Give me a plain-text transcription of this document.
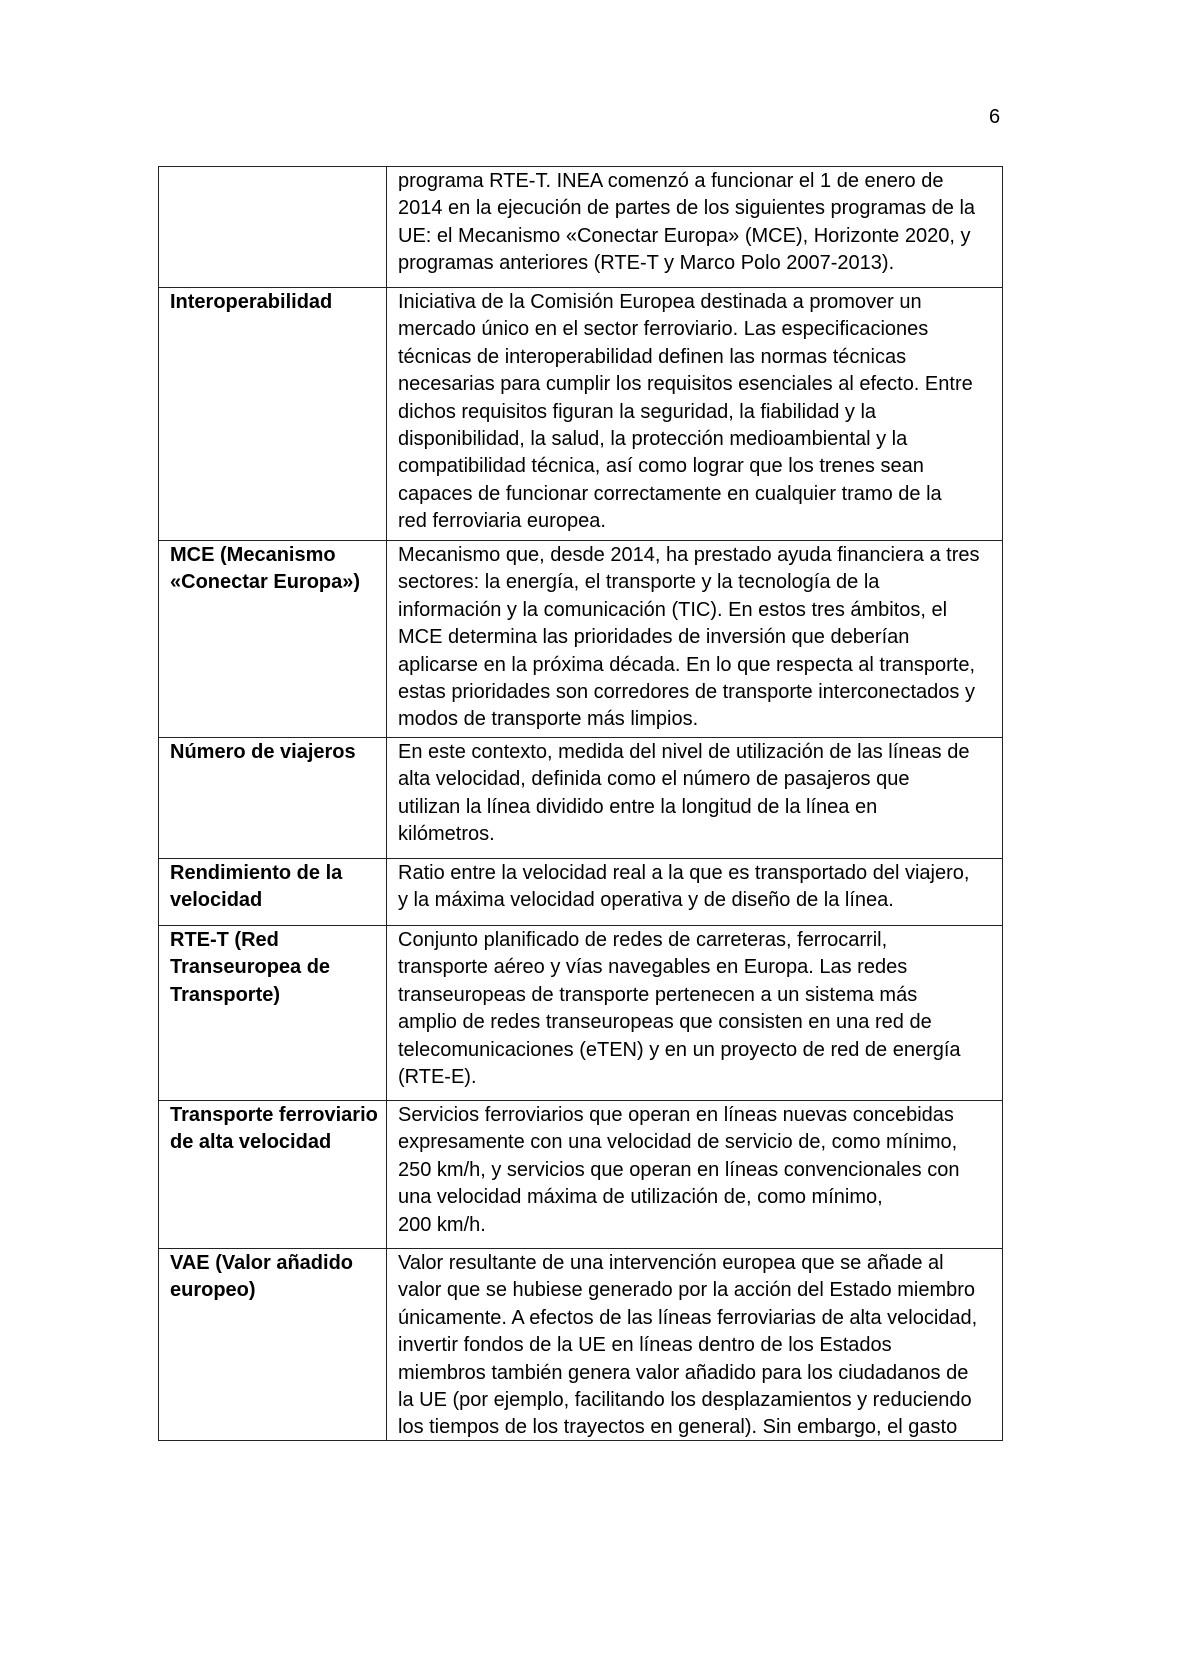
6
programa RTE-T. INEA comenzó a funcionar el 1 de enero de
2014 en la ejecución de partes de los siguientes programas de la
UE: el Mecanismo «Conectar Europa» (MCE), Horizonte 2020, y
programas anteriores (RTE-T y Marco Polo 2007-2013).
Interoperabilidad	Iniciativa de la Comisión Europea destinada a promover un
mercado único en el sector ferroviario. Las especificaciones
técnicas de interoperabilidad definen las normas técnicas
necesarias para cumplir los requisitos esenciales al efecto. Entre
dichos requisitos figuran la seguridad, la fiabilidad y la
disponibilidad, la salud, la protección medioambiental y la
compatibilidad técnica, así como lograr que los trenes sean
capaces de funcionar correctamente en cualquier tramo de la
red ferroviaria europea.
MCE (Mecanismo
«Conectar Europa»)
Mecanismo que, desde 2014, ha prestado ayuda financiera a tres
sectores: la energía, el transporte y la tecnología de la
información y la comunicación (TIC). En estos tres ámbitos, el
MCE determina las prioridades de inversión que deberían
aplicarse en la próxima década. En lo que respecta al transporte,
estas prioridades son corredores de transporte interconectados y
modos de transporte más limpios.
Número de viajeros	En este contexto, medida del nivel de utilización de las líneas de
alta velocidad, definida como el número de pasajeros que
utilizan la línea dividido entre la longitud de la línea en
kilómetros.
Rendimiento de la
velocidad
Ratio entre la velocidad real a la que es transportado del viajero,
y la máxima velocidad operativa y de diseño de la línea.
RTE-T (Red
Transeuropea de
Transporte)
Conjunto planificado de redes de carreteras, ferrocarril,
transporte aéreo y vías navegables en Europa. Las redes
transeuropeas de transporte pertenecen a un sistema más
amplio de redes transeuropeas que consisten en una red de
telecomunicaciones (eTEN) y en un proyecto de red de energía
(RTE-E).
Transporte ferroviario
de alta velocidad
Servicios ferroviarios que operan en líneas nuevas concebidas
expresamente con una velocidad de servicio de, como mínimo,
250 km/h, y servicios que operan en líneas convencionales con
una velocidad máxima de utilización de, como mínimo,
200 km/h.
VAE (Valor añadido
europeo)
Valor resultante de una intervención europea que se añade al
valor que se hubiese generado por la acción del Estado miembro
únicamente. A efectos de las líneas ferroviarias de alta velocidad,
invertir fondos de la UE en líneas dentro de los Estados
miembros también genera valor añadido para los ciudadanos de
la UE (por ejemplo, facilitando los desplazamientos y reduciendo
los tiempos de los trayectos en general). Sin embargo, el gasto
